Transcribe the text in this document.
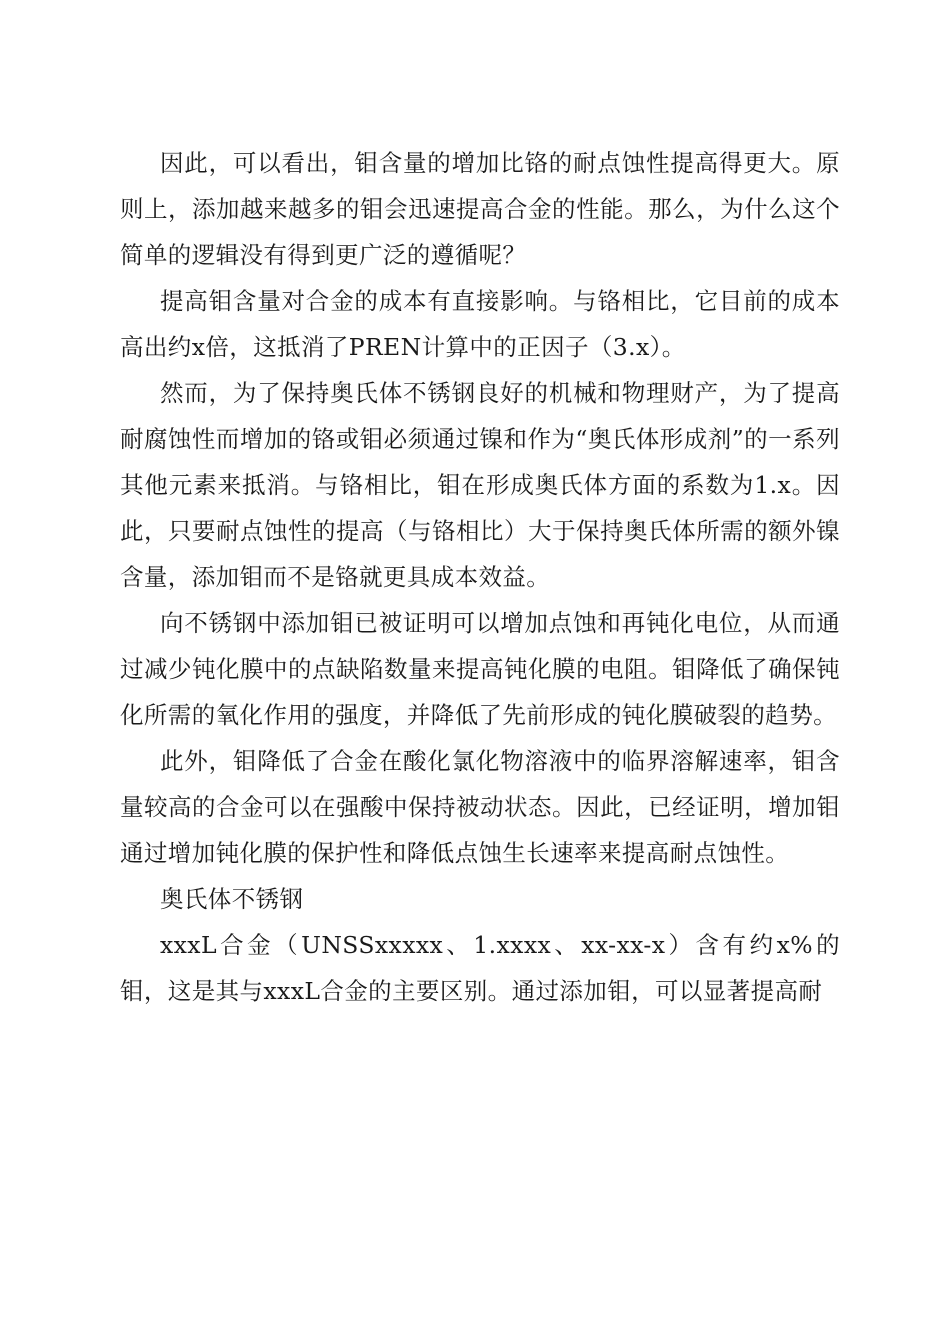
因此，可以看出，钼含量的增加比铬的耐点蚀性提高得更大。原则上，添加越来越多的钼会迅速提高合金的性能。那么，为什么这个简单的逻辑没有得到更广泛的遵循呢？

提高钼含量对合金的成本有直接影响。与铬相比，它目前的成本高出约x倍，这抵消了PREN计算中的正因子（3.x）。

然而，为了保持奥氏体不锈钢良好的机械和物理财产，为了提高耐腐蚀性而增加的铬或钼必须通过镍和作为“奥氏体形成剂”的一系列其他元素来抵消。与铬相比，钼在形成奥氏体方面的系数为1.x。因此，只要耐点蚀性的提高（与铬相比）大于保持奥氏体所需的额外镍含量，添加钼而不是铬就更具成本效益。

向不锈钢中添加钼已被证明可以增加点蚀和再钝化电位，从而通过减少钝化膜中的点缺陷数量来提高钝化膜的电阻。钼降低了确保钝化所需的氧化作用的强度，并降低了先前形成的钝化膜破裂的趋势。

此外，钼降低了合金在酸化氯化物溶液中的临界溶解速率，钼含量较高的合金可以在强酸中保持被动状态。因此，已经证明，增加钼通过增加钝化膜的保护性和降低点蚀生长速率来提高耐点蚀性。

奥氏体不锈钢

xxxL合金（UNSSxxxxx、1.xxxx、xx-xx-x）含有约x%的钼，这是其与xxxL合金的主要区别。通过添加钼，可以显著提高耐
